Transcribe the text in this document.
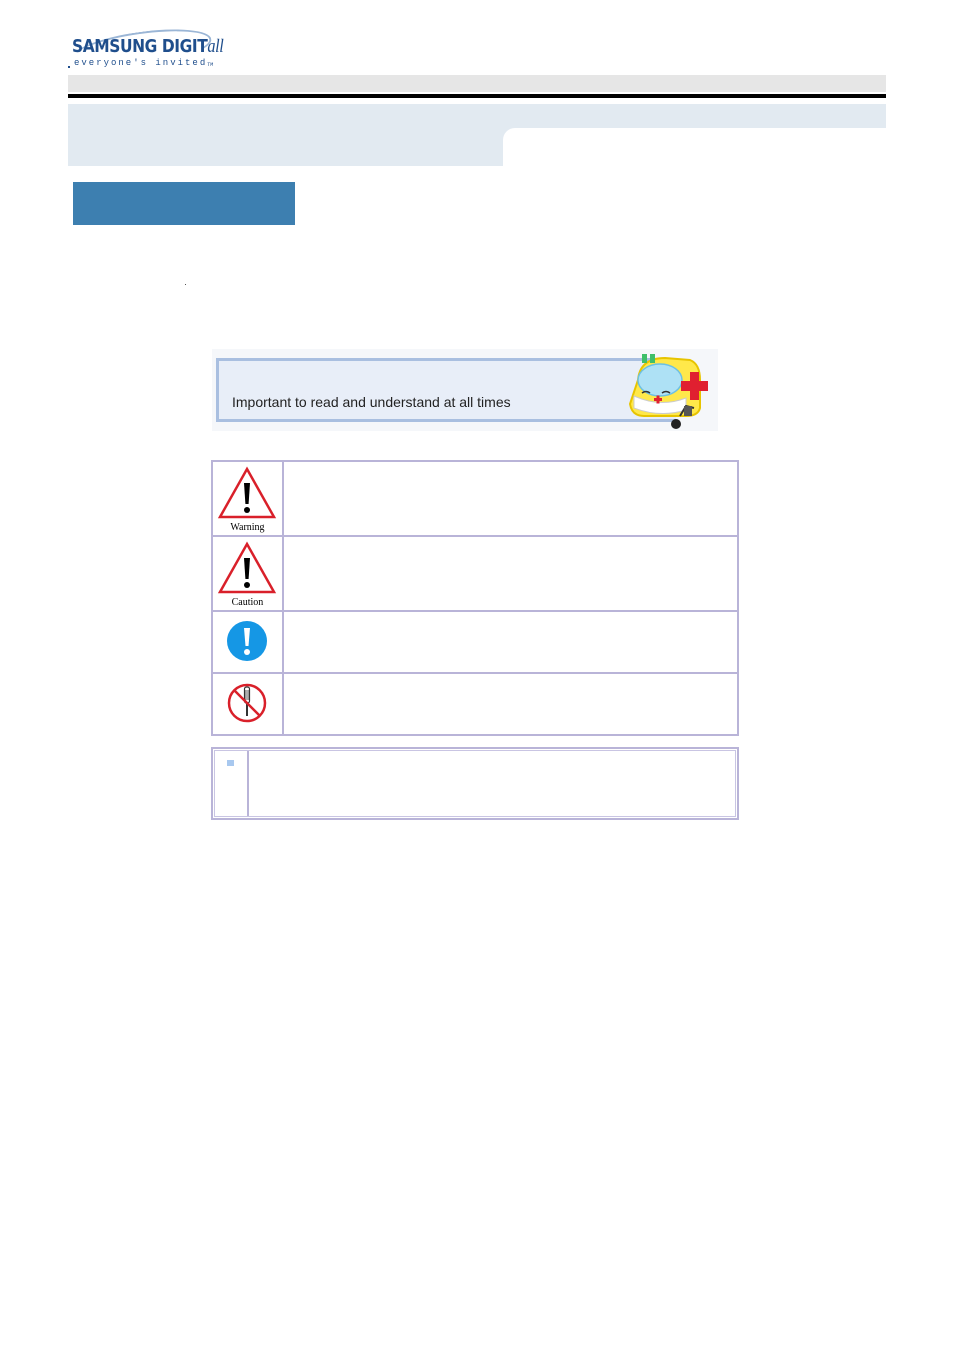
SAMSUNG DIGITall
everyone's invitedTM
Important to read and understand at all times
Warning	

Caution	
